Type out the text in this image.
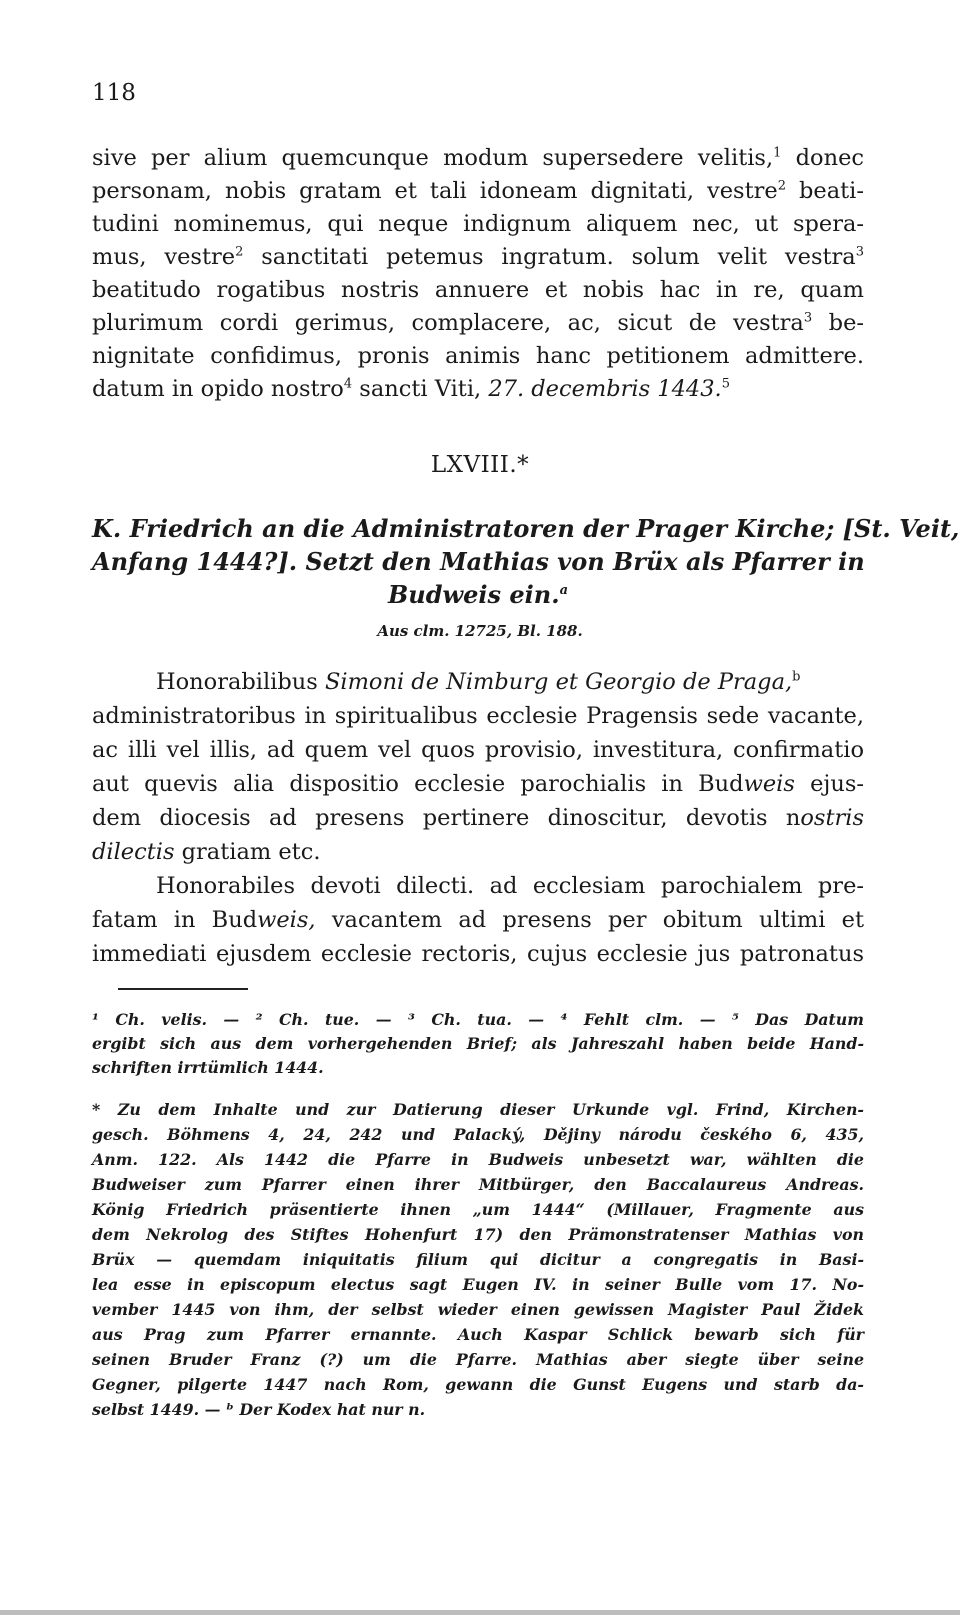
118
sive per alium quemcunque modum supersedere velitis,$^1$ donec
personam, nobis gratam et tali idoneam dignitati, vestre$^2$ beati-
tudini nominemus, qui neque indignum aliquem nec, ut spera-
mus, vestre$^2$ sanctitati petemus ingratum. solum velit vestra$^3$
beatitudo rogatibus nostris annuere et nobis hac in re, quam
plurimum cordi gerimus, complacere, ac, sicut de vestra$^3$ be-
nignitate confidimus, pronis animis hanc petitionem admittere.
datum in opido nostro$^4$ sancti Viti, 27. decembris 1443.$^5$
LXVIII.*
K. Friedrich an die Administratoren der Prager Kirche; [St. Veit,
Anfang 1444?]. Setzt den Mathias von Brüx als Pfarrer in
Budweis ein.$^a$
Aus clm. 12725, Bl. 188.
Honorabilibus Simoni de Nimburg et Georgio de Praga,$^b$
administratoribus in spiritualibus ecclesie Pragensis sede vacante,
ac illi vel illis, ad quem vel quos provisio, investitura, confirmatio
aut quevis alia dispositio ecclesie parochialis in Budweis ejus-
dem diocesis ad presens pertinere dinoscitur, devotis nostris
dilectis gratiam etc.
Honorabiles devoti dilecti. ad ecclesiam parochialem pre-
fatam in Budweis, vacantem ad presens per obitum ultimi et
immediati ejusdem ecclesie rectoris, cujus ecclesie jus patronatus
¹ Ch. velis. — ² Ch. tue. — ³ Ch. tua. — ⁴ Fehlt clm. — ⁵ Das Datum
ergibt sich aus dem vorhergehenden Brief; als Jahreszahl haben beide Hand-
schriften irrtümlich 1444.
* Zu dem Inhalte und zur Datierung dieser Urkunde vgl. Frind, Kirchen-
gesch. Böhmens 4, 24, 242 und Palacký, Dějiny národu českého 6, 435,
Anm. 122. Als 1442 die Pfarre in Budweis unbesetzt war, wählten die
Budweiser zum Pfarrer einen ihrer Mitbürger, den Baccalaureus Andreas.
König Friedrich präsentierte ihnen „um 1444“ (Millauer, Fragmente aus
dem Nekrolog des Stiftes Hohenfurt 17) den Prämonstratenser Mathias von
Brüx — quemdam iniquitatis filium qui dicitur a congregatis in Basi-
lea esse in episcopum electus sagt Eugen IV. in seiner Bulle vom 17. No-
vember 1445 von ihm, der selbst wieder einen gewissen Magister Paul Židek
aus Prag zum Pfarrer ernannte. Auch Kaspar Schlick bewarb sich für
seinen Bruder Franz (?) um die Pfarre. Mathias aber siegte über seine
Gegner, pilgerte 1447 nach Rom, gewann die Gunst Eugens und starb da-
selbst 1449. — ᵇ Der Kodex hat nur n.
